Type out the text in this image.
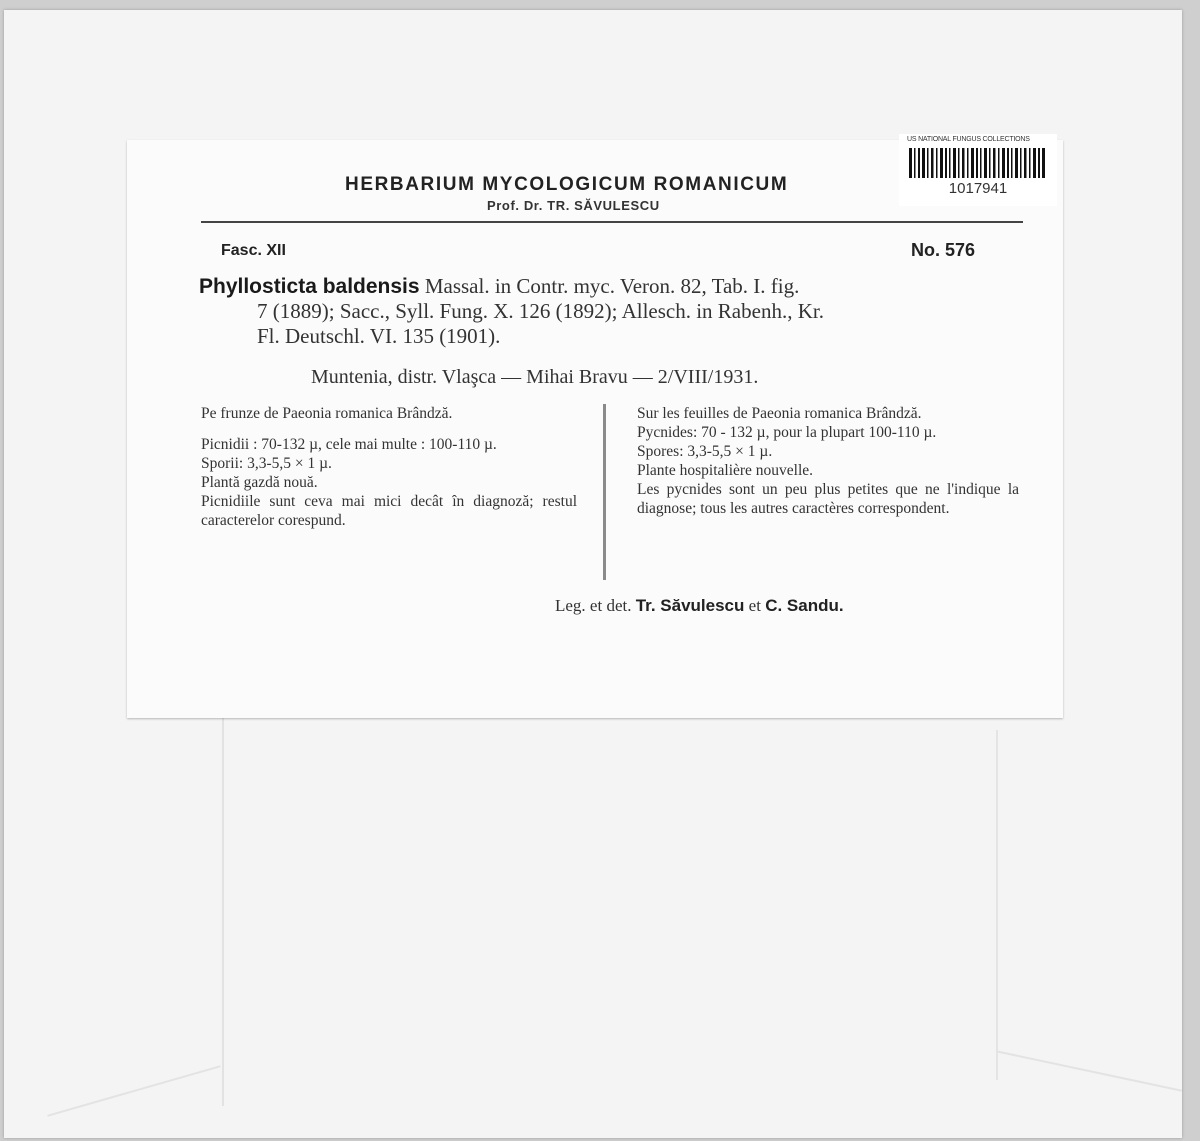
US NATIONAL FUNGUS COLLECTIONS
1017941
HERBARIUM MYCOLOGICUM ROMANICUM
Prof. Dr. TR. SĂVULESCU
Fasc. XII	No. 576
Phyllosticta baldensis Massal. in Contr. myc. Veron. 82, Tab. I. fig.
7 (1889); Sacc., Syll. Fung. X. 126 (1892); Allesch. in Rabenh., Kr.
Fl. Deutschl. VI. 135 (1901).
Muntenia, distr. Vlaşca — Mihai Bravu — 2/VIII/1931.

Pe frunze de Paeonia romanica Brândză.

Picnidii : 70-132 µ, cele mai multe : 100-110 µ.

Sporii: 3,3-5,5 × 1 µ.

Plantă gazdă nouă.

Picnidiile sunt ceva mai mici decât în diagnoză; restul caracterelor corespund.

Sur les feuilles de Paeonia romanica Brândză.

Pycnides: 70 - 132 µ, pour la plupart 100-110 µ.

Spores: 3,3-5,5 × 1 µ.

Plante hospitalière nouvelle.

Les pycnides sont un peu plus petites que ne l'indique la diagnose; tous les autres caractères correspondent.

Leg. et det. Tr. Săvulescu et C. Sandu.
